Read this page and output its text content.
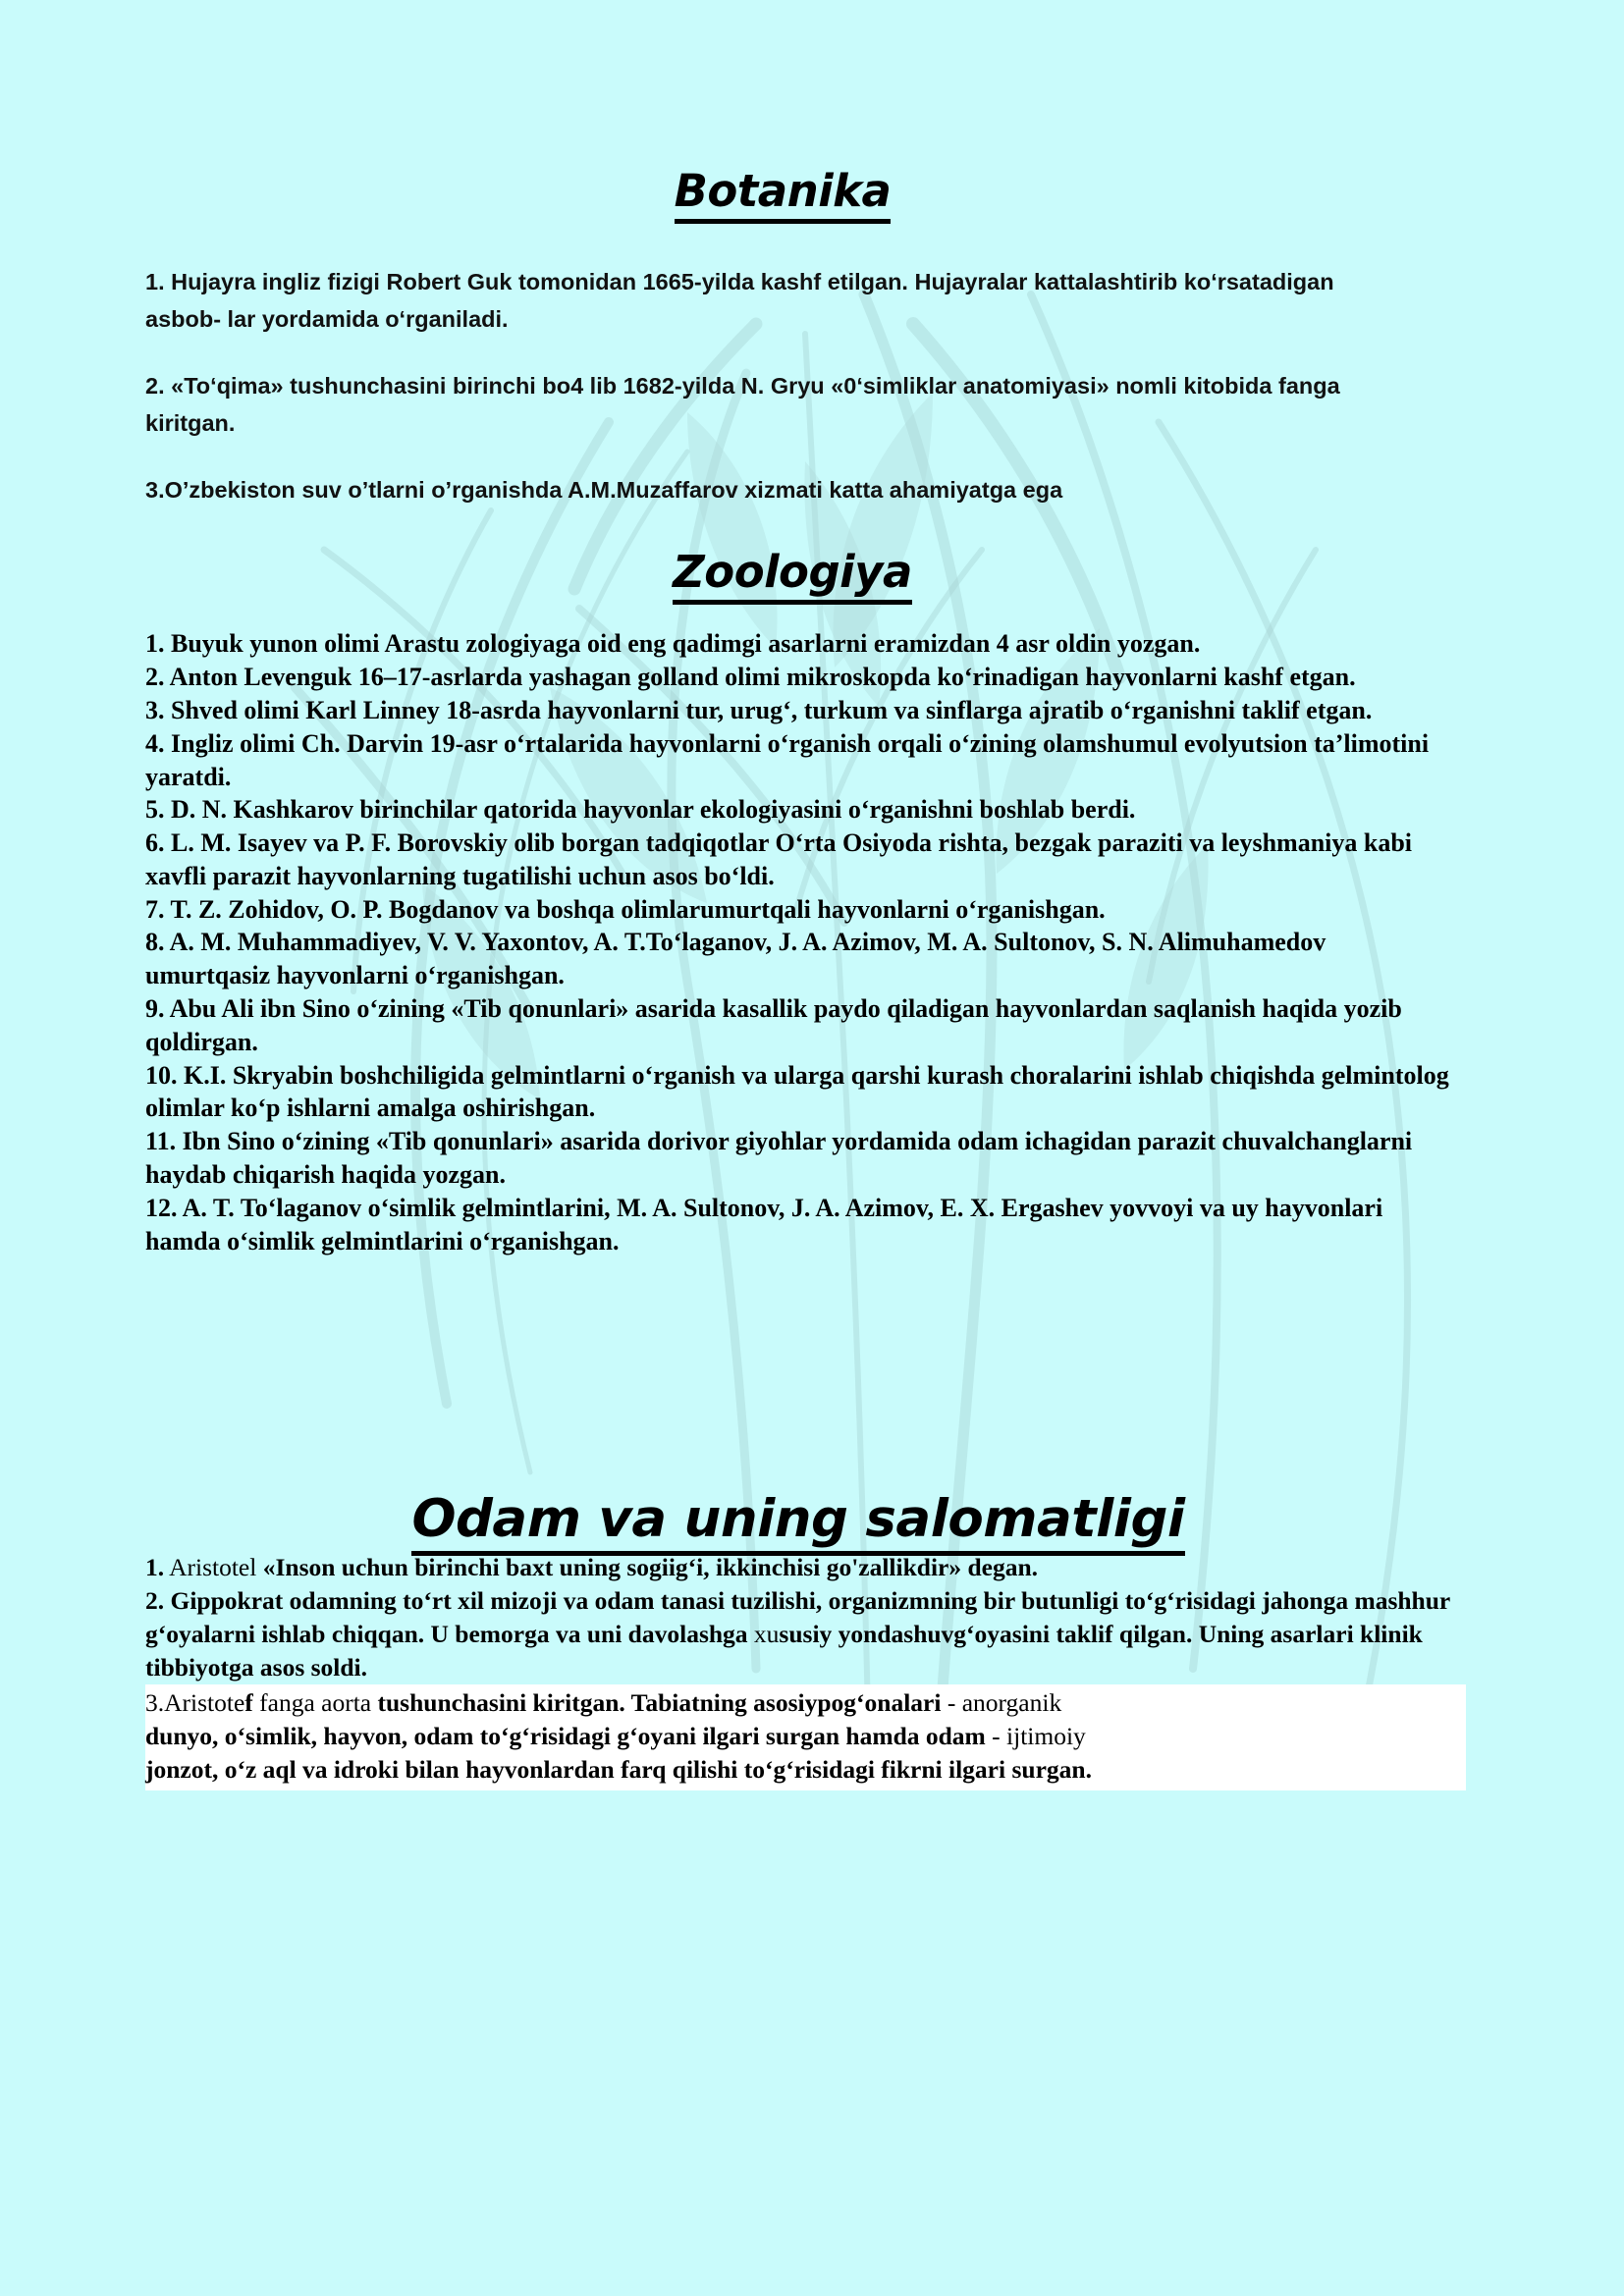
Botanika

1. Hujayra ingliz fizigi Robert Guk tomonidan 1665-yilda kashf etilgan. Hujayralar kattalashtirib ko‘rsatadigan asbob- lar yordamida o‘rganiladi.

2. «To‘qima» tushunchasini birinchi bo4 lib 1682-yilda N. Gryu «0‘simliklar anatomiyasi» nomli kitobida fanga kiritgan.

3.O’zbekiston suv o’tlarni o’rganishda A.M.Muzaffarov xizmati katta ahamiyatga ega

Zoologiya
1. Buyuk yunon olimi Arastu zologiyaga oid eng qadimgi asarlarni eramizdan 4 asr oldin yozgan.
2. Anton Levenguk 16–17-asrlarda yashagan golland olimi mikroskopda ko‘rinadigan hayvonlarni kashf etgan.
3. Shved olimi Karl Linney 18-asrda hayvonlarni tur, urug‘, turkum va sinflarga ajratib o‘rganishni taklif etgan.
4. Ingliz olimi Ch. Darvin 19-asr o‘rtalarida hayvonlarni o‘rganish orqali o‘zining olamshumul evolyutsion ta’limotini yaratdi.
5. D. N. Kashkarov birinchilar qatorida hayvonlar ekologiyasini o‘rganishni boshlab berdi.
6. L. M. Isayev va P. F. Borovskiy olib borgan tadqiqotlar O‘rta Osiyoda rishta, bezgak paraziti va leyshmaniya kabi xavfli parazit hayvonlarning tugatilishi uchun asos bo‘ldi.
7. T. Z. Zohidov, O. P. Bogdanov va boshqa olimlarumurtqali hayvonlarni o‘rganishgan.
8. A. M. Muhammadiyev, V. V. Yaxontov, A. T.To‘laganov, J. A. Azimov, M. A. Sultonov, S. N. Alimuhamedov
umurtqasiz hayvonlarni o‘rganishgan.
9. Abu Ali ibn Sino o‘zining «Tib qonunlari» asarida kasallik paydo qiladigan hayvonlardan saqlanish haqida yozib qoldirgan.
10. K.I. Skryabin boshchiligida gelmintlarni o‘rganish va ularga qarshi kurash choralarini ishlab chiqishda gelmintolog olimlar ko‘p ishlarni amalga oshirishgan.
11. Ibn Sino o‘zining «Tib qonunlari» asarida dorivor giyohlar yordamida odam ichagidan parazit chuvalchanglarni haydab chiqarish haqida yozgan.
12. A. T. To‘laganov o‘simlik gelmintlarini, M. A. Sultonov, J. A. Azimov, E. X. Ergashev yovvoyi va uy hayvonlari hamda o‘simlik gelmintlarini o‘rganishgan.
Odam va uning salomatligi

1. Aristotel «Inson uchun birinchi baxt uning sogiig‘i, ikkinchisi go'zallikdir» degan.

2. Gippokrat odamning to‘rt xil mizoji va odam tanasi tuzilishi, organizmning bir butunligi to‘g‘risidagi jahonga mashhur g‘oyalarni ishlab chiqqan. U bemorga va uni davolashga xususiy yondashuvg‘oyasini taklif qilgan. Uning asarlari klinik tibbiyotga asos soldi.

3.Aristotef fanga aorta tushunchasini kiritgan. Tabiatning asosiypog‘onalari - anorganik
dunyo, o‘simlik, hayvon, odam to‘g‘risidagi g‘oyani ilgari surgan hamda odam - ijtimoiy
jonzot, o‘z aql va idroki bilan hayvonlardan farq qilishi to‘g‘risidagi fikrni ilgari surgan.
